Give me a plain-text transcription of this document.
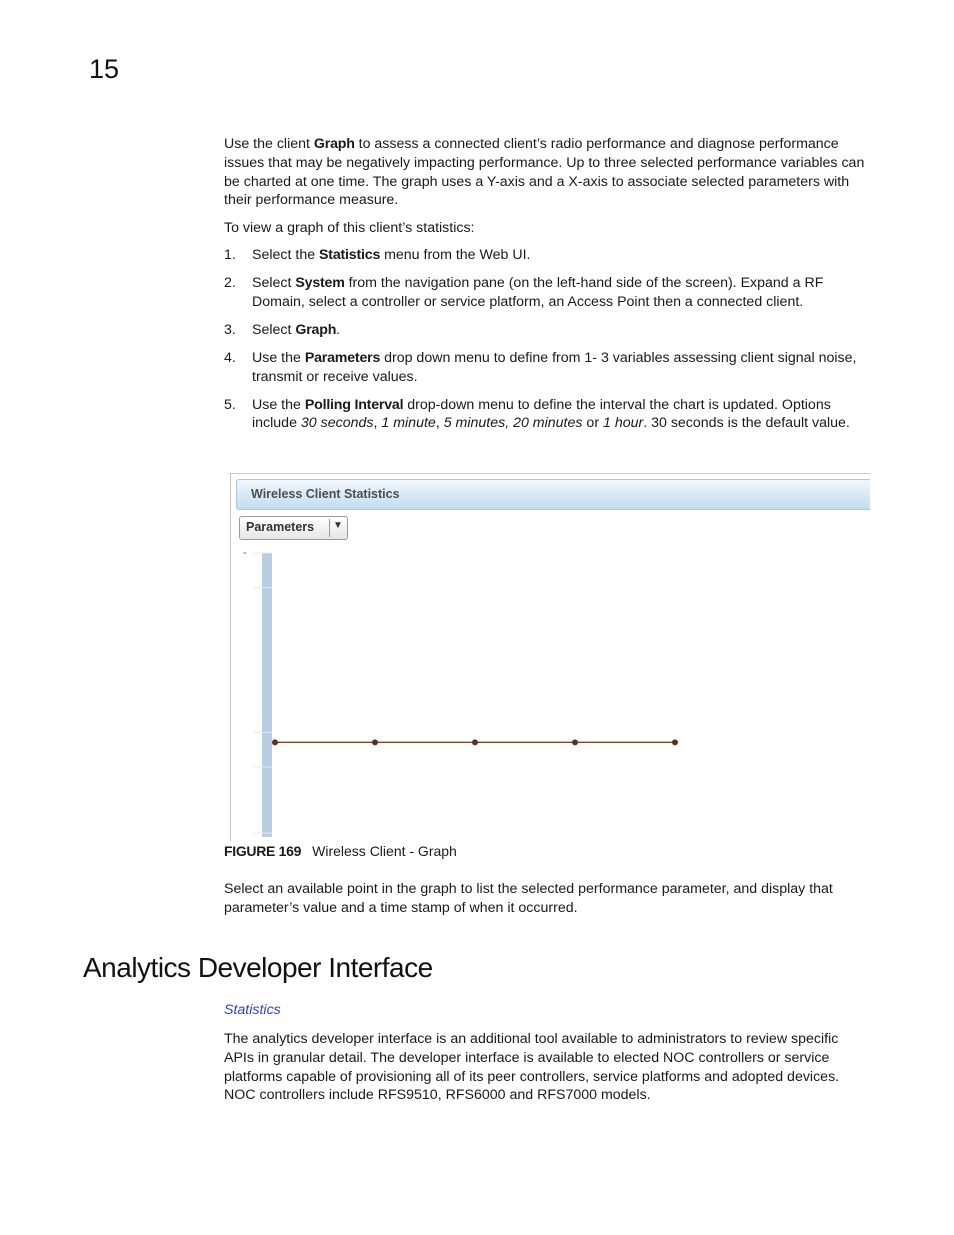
15
Use the client Graph to assess a connected client’s radio performance and diagnose performance issues that may be negatively impacting performance. Up to three selected performance variables can be charted at one time. The graph uses a Y-axis and a X-axis to associate selected parameters with their performance measure.
To view a graph of this client’s statistics:
1. Select the Statistics menu from the Web UI.
2. Select System from the navigation pane (on the left-hand side of the screen). Expand a RF Domain, select a controller or service platform, an Access Point then a connected client.
3. Select Graph.
4. Use the Parameters drop down menu to define from 1- 3 variables assessing client signal noise, transmit or receive values.
5. Use the Polling Interval drop-down menu to define the interval the chart is updated. Options include 30 seconds, 1 minute, 5 minutes, 20 minutes or 1 hour. 30 seconds is the default value.
Wireless Client Statistics
Parameters ▼
-
FIGURE 169 Wireless Client - Graph
Select an available point in the graph to list the selected performance parameter, and display that parameter’s value and a time stamp of when it occurred.
Analytics Developer Interface
Statistics
The analytics developer interface is an additional tool available to administrators to review specific APIs in granular detail. The developer interface is available to elected NOC controllers or service platforms capable of provisioning all of its peer controllers, service platforms and adopted devices. NOC controllers include RFS9510, RFS6000 and RFS7000 models.
